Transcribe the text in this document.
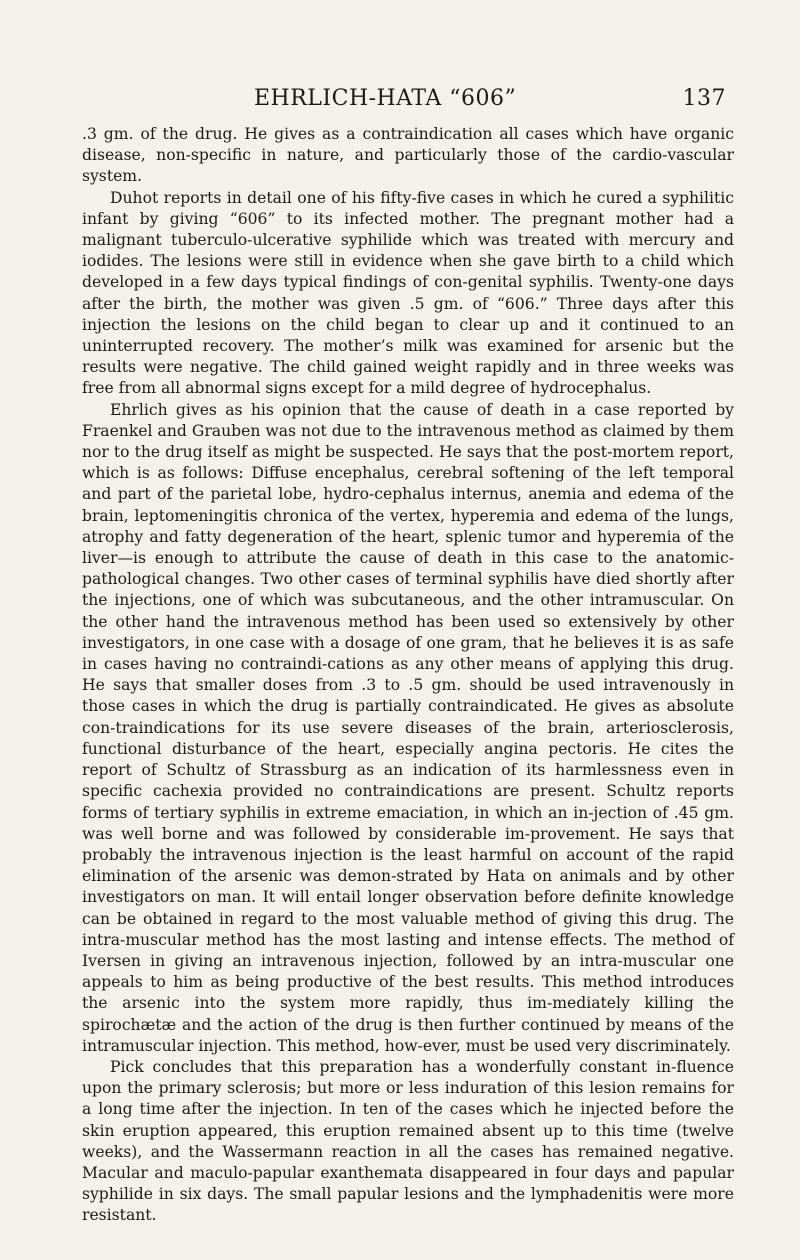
EHRLICH-HATA “606”	137

.3 gm. of the drug. He gives as a contraindication all cases which have organic disease, non-specific in nature, and particularly those of the cardio-vascular system.

Duhot reports in detail one of his fifty-five cases in which he cured a syphilitic infant by giving “606” to its infected mother. The pregnant mother had a malignant tuberculo-ulcerative syphilide which was treated with mercury and iodides. The lesions were still in evidence when she gave birth to a child which developed in a few days typical findings of con-genital syphilis. Twenty-one days after the birth, the mother was given .5 gm. of “606.” Three days after this injection the lesions on the child began to clear up and it continued to an uninterrupted recovery. The mother’s milk was examined for arsenic but the results were negative. The child gained weight rapidly and in three weeks was free from all abnormal signs except for a mild degree of hydrocephalus.

Ehrlich gives as his opinion that the cause of death in a case reported by Fraenkel and Grauben was not due to the intravenous method as claimed by them nor to the drug itself as might be suspected. He says that the post-mortem report, which is as follows: Diffuse encephalus, cerebral softening of the left temporal and part of the parietal lobe, hydro-cephalus internus, anemia and edema of the brain, leptomeningitis chronica of the vertex, hyperemia and edema of the lungs, atrophy and fatty degeneration of the heart, splenic tumor and hyperemia of the liver—is enough to attribute the cause of death in this case to the anatomic-pathological changes. Two other cases of terminal syphilis have died shortly after the injections, one of which was subcutaneous, and the other intramuscular. On the other hand the intravenous method has been used so extensively by other investigators, in one case with a dosage of one gram, that he believes it is as safe in cases having no contraindi-cations as any other means of applying this drug. He says that smaller doses from .3 to .5 gm. should be used intravenously in those cases in which the drug is partially contraindicated. He gives as absolute con-traindications for its use severe diseases of the brain, arteriosclerosis, functional disturbance of the heart, especially angina pectoris. He cites the report of Schultz of Strassburg as an indication of its harmlessness even in specific cachexia provided no contraindications are present. Schultz reports forms of tertiary syphilis in extreme emaciation, in which an in-jection of .45 gm. was well borne and was followed by considerable im-provement. He says that probably the intravenous injection is the least harmful on account of the rapid elimination of the arsenic was demon-strated by Hata on animals and by other investigators on man. It will entail longer observation before definite knowledge can be obtained in regard to the most valuable method of giving this drug. The intra-muscular method has the most lasting and intense effects. The method of Iversen in giving an intravenous injection, followed by an intra-muscular one appeals to him as being productive of the best results. This method introduces the arsenic into the system more rapidly, thus im-mediately killing the spirochætæ and the action of the drug is then further continued by means of the intramuscular injection. This method, how-ever, must be used very discriminately.

Pick concludes that this preparation has a wonderfully constant in-fluence upon the primary sclerosis; but more or less induration of this lesion remains for a long time after the injection. In ten of the cases which he injected before the skin eruption appeared, this eruption remained absent up to this time (twelve weeks), and the Wassermann reaction in all the cases has remained negative. Macular and maculo-papular exanthemata disappeared in four days and papular syphilide in six days. The small papular lesions and the lymphadenitis were more resistant.
